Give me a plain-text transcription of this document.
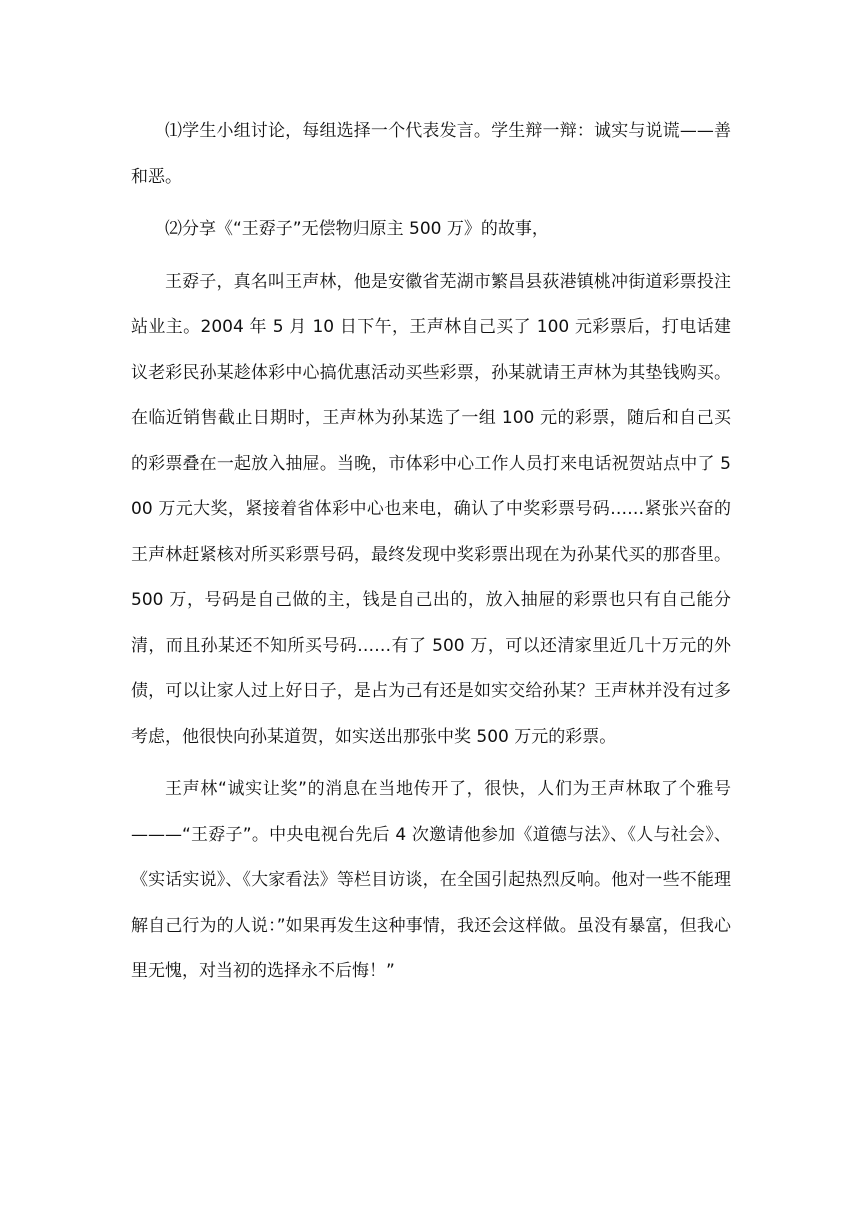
⑴学生小组讨论，每组选择一个代表发言。学生辩一辩：诚实与说谎——善和恶。

⑵分享《“王孬子”无偿物归原主 500 万》的故事，

王孬子，真名叫王声林，他是安徽省芜湖市繁昌县荻港镇桃冲街道彩票投注站业主。2004 年 5 月 10 日下午，王声林自己买了 100 元彩票后，打电话建议老彩民孙某趁体彩中心搞优惠活动买些彩票，孙某就请王声林为其垫钱购买。在临近销售截止日期时，王声林为孙某选了一组 100 元的彩票，随后和自己买的彩票叠在一起放入抽屉。当晚，市体彩中心工作人员打来电话祝贺站点中了 500 万元大奖，紧接着省体彩中心也来电，确认了中奖彩票号码……紧张兴奋的王声林赶紧核对所买彩票号码，最终发现中奖彩票出现在为孙某代买的那沓里。500 万，号码是自己做的主，钱是自己出的，放入抽屉的彩票也只有自己能分清，而且孙某还不知所买号码……有了 500 万，可以还清家里近几十万元的外债，可以让家人过上好日子，是占为己有还是如实交给孙某？王声林并没有过多考虑，他很快向孙某道贺，如实送出那张中奖 500 万元的彩票。

王声林“诚实让奖”的消息在当地传开了，很快，人们为王声林取了个雅号———“王孬子”。中央电视台先后 4 次邀请他参加《道德与法》、《人与社会》、《实话实说》、《大家看法》等栏目访谈，在全国引起热烈反响。他对一些不能理解自己行为的人说：”如果再发生这种事情，我还会这样做。虽没有暴富，但我心里无愧，对当初的选择永不后悔！”
